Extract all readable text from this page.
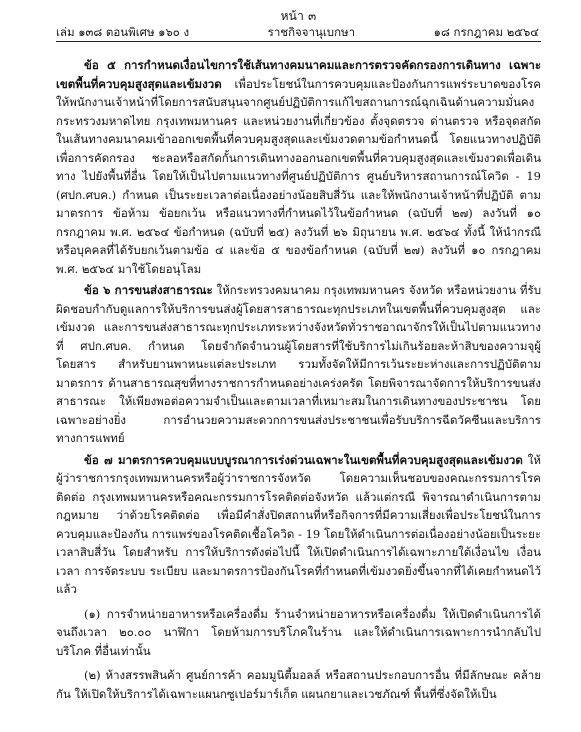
หน้า ๓
เล่ม ๑๓๘ ตอนพิเศษ ๑๖๐ ง	ราชกิจจานุเบกษา	๑๘ กรกฎาคม ๒๕๖๔

ข้อ ๕ การกำหนดเงื่อนไขการใช้เส้นทางคมนาคมและการตรวจคัดกรองการเดินทาง เฉพาะเขตพื้นที่ควบคุมสูงสุดและเข้มงวด เพื่อประโยชน์ในการควบคุมและป้องกันการแพร่ระบาดของโรค ให้พนักงานเจ้าหน้าที่โดยการสนับสนุนจากศูนย์ปฏิบัติการแก้ไขสถานการณ์ฉุกเฉินด้านความมั่นคง กระทรวงมหาดไทย กรุงเทพมหานคร และหน่วยงานที่เกี่ยวข้อง ตั้งจุดตรวจ ด่านตรวจ หรือจุดสกัด ในเส้นทางคมนาคมเข้าออกเขตพื้นที่ควบคุมสูงสุดและเข้มงวดตามข้อกำหนดนี้ โดยแนวทางปฏิบัติ เพื่อการคัดกรอง ชะลอหรือสกัดกั้นการเดินทางออกนอกเขตพื้นที่ควบคุมสูงสุดและเข้มงวดเพื่อเดินทาง ไปยังพื้นที่อื่น โดยให้เป็นไปตามแนวทางที่ศูนย์ปฏิบัติการ ศูนย์บริหารสถานการณ์โควิด - 19 (ศปก.ศบค.) กำหนด เป็นระยะเวลาต่อเนื่องอย่างน้อยสิบสี่วัน และให้พนักงานเจ้าหน้าที่ปฏิบัติ ตามมาตรการ ข้อห้าม ข้อยกเว้น หรือแนวทางที่กำหนดไว้ในข้อกำหนด (ฉบับที่ ๒๗) ลงวันที่ ๑๐ กรกฎาคม พ.ศ. ๒๕๖๔ ข้อกำหนด (ฉบับที่ ๒๕) ลงวันที่ ๒๖ มิถุนายน พ.ศ. ๒๕๖๔ ทั้งนี้ ให้นำกรณีหรือบุคคลที่ได้รับยกเว้นตามข้อ ๔ และข้อ ๕ ของข้อกำหนด (ฉบับที่ ๒๗) ลงวันที่ ๑๐ กรกฎาคม พ.ศ. ๒๕๖๔ มาใช้โดยอนุโลม

ข้อ ๖ การขนส่งสาธารณะ ให้กระทรวงคมนาคม กรุงเทพมหานคร จังหวัด หรือหน่วยงาน ที่รับผิดชอบกำกับดูแลการให้บริการขนส่งผู้โดยสารสาธารณะทุกประเภทในเขตพื้นที่ควบคุมสูงสุด และเข้มงวด และการขนส่งสาธารณะทุกประเภทระหว่างจังหวัดทั่วราชอาณาจักรให้เป็นไปตามแนวทาง ที่ ศปก.ศบค. กำหนด โดยจำกัดจำนวนผู้โดยสารที่ใช้บริการไม่เกินร้อยละห้าสิบของความจุผู้โดยสาร สำหรับยานพาหนะแต่ละประเภท รวมทั้งจัดให้มีการเว้นระยะห่างและการปฏิบัติตามมาตรการ ด้านสาธารณสุขที่ทางราชการกำหนดอย่างเคร่งครัด โดยพิจารณาจัดการให้บริการขนส่งสาธารณะ ให้เพียงพอต่อความจำเป็นและตามเวลาที่เหมาะสมในการเดินทางของประชาชน โดยเฉพาะอย่างยิ่ง การอำนวยความสะดวกการขนส่งประชาชนเพื่อรับบริการฉีดวัคซีนและบริการทางการแพทย์

ข้อ ๗ มาตรการควบคุมแบบบูรณาการเร่งด่วนเฉพาะในเขตพื้นที่ควบคุมสูงสุดและเข้มงวด ให้ผู้ว่าราชการกรุงเทพมหานครหรือผู้ว่าราชการจังหวัด โดยความเห็นชอบของคณะกรรมการโรคติดต่อ กรุงเทพมหานครหรือคณะกรรมการโรคติดต่อจังหวัด แล้วแต่กรณี พิจารณาดำเนินการตามกฎหมาย ว่าด้วยโรคติดต่อ เพื่อมีคำสั่งปิดสถานที่หรือกิจการที่มีความเสี่ยงเพื่อประโยชน์ในการควบคุมและป้องกัน การแพร่ของโรคติดเชื้อโควิด - 19 โดยให้ดำเนินการต่อเนื่องอย่างน้อยเป็นระยะเวลาสิบสี่วัน โดยสำหรับ การให้บริการดังต่อไปนี้ ให้เปิดดำเนินการได้เฉพาะภายใต้เงื่อนไข เงื่อนเวลา การจัดระบบ ระเบียบ และมาตรการป้องกันโรคที่กำหนดที่เข้มงวดยิ่งขึ้นจากที่ได้เคยกำหนดไว้แล้ว

(๑) การจำหน่ายอาหารหรือเครื่องดื่ม ร้านจำหน่ายอาหารหรือเครื่องดื่ม ให้เปิดดำเนินการได้ จนถึงเวลา ๒๐.๐๐ นาฬิกา โดยห้ามการบริโภคในร้าน และให้ดำเนินการเฉพาะการนำกลับไปบริโภค ที่อื่นเท่านั้น

(๒) ห้างสรรพสินค้า ศูนย์การค้า คอมมูนิตี้มอลล์ หรือสถานประกอบการอื่น ที่มีลักษณะ คล้ายกัน ให้เปิดให้บริการได้เฉพาะแผนกซูเปอร์มาร์เก็ต แผนกยาและเวชภัณฑ์ พื้นที่ซึ่งจัดให้เป็น
